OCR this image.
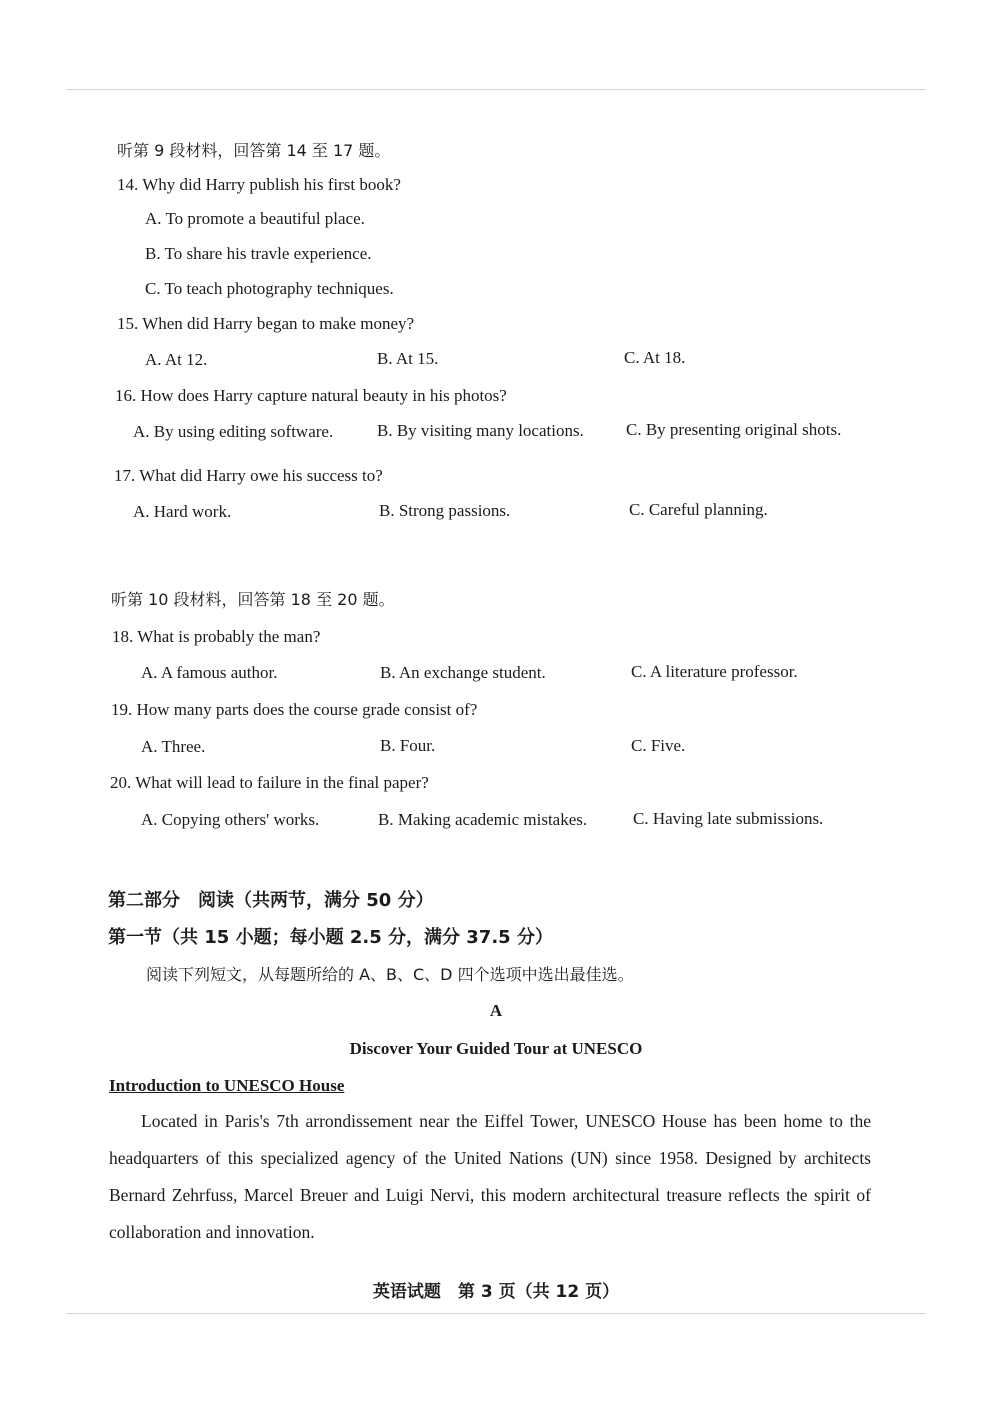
听第 9 段材料，回答第 14 至 17 题。
14. Why did Harry publish his first book?
A. To promote a beautiful place.
B. To share his travle experience.
C. To teach photography techniques.
15. When did Harry began to make money?
A. At 12.	B. At 15.	C. At 18.
16. How does Harry capture natural beauty in his photos?
A. By using editing software.	B. By visiting many locations. C. By presenting original shots.
17. What did Harry owe his success to?
A. Hard work.	B. Strong passions.	C. Careful planning.
听第 10 段材料，回答第 18 至 20 题。
18. What is probably the man?
A. A famous author.	B. An exchange student.	C. A literature professor.
19. How many parts does the course grade consist of?
A. Three.	B. Four.	C. Five.
20. What will lead to failure in the final paper?
A. Copying others' works.	B. Making academic mistakes.	C. Having late submissions.
第二部分　阅读（共两节，满分 50 分）
第一节（共 15 小题；每小题 2.5 分，满分 37.5 分）
阅读下列短文，从每题所给的 A、B、C、D 四个选项中选出最佳选。
A
Discover Your Guided Tour at UNESCO
Introduction to UNESCO House
Located in Paris's 7th arrondissement near the Eiffel Tower, UNESCO House has been home to the headquarters of this specialized agency of the United Nations (UN) since 1958. Designed by architects Bernard Zehrfuss, Marcel Breuer and Luigi Nervi, this modern architectural treasure reflects the spirit of collaboration and innovation.
英语试题　第 3 页（共 12 页）
